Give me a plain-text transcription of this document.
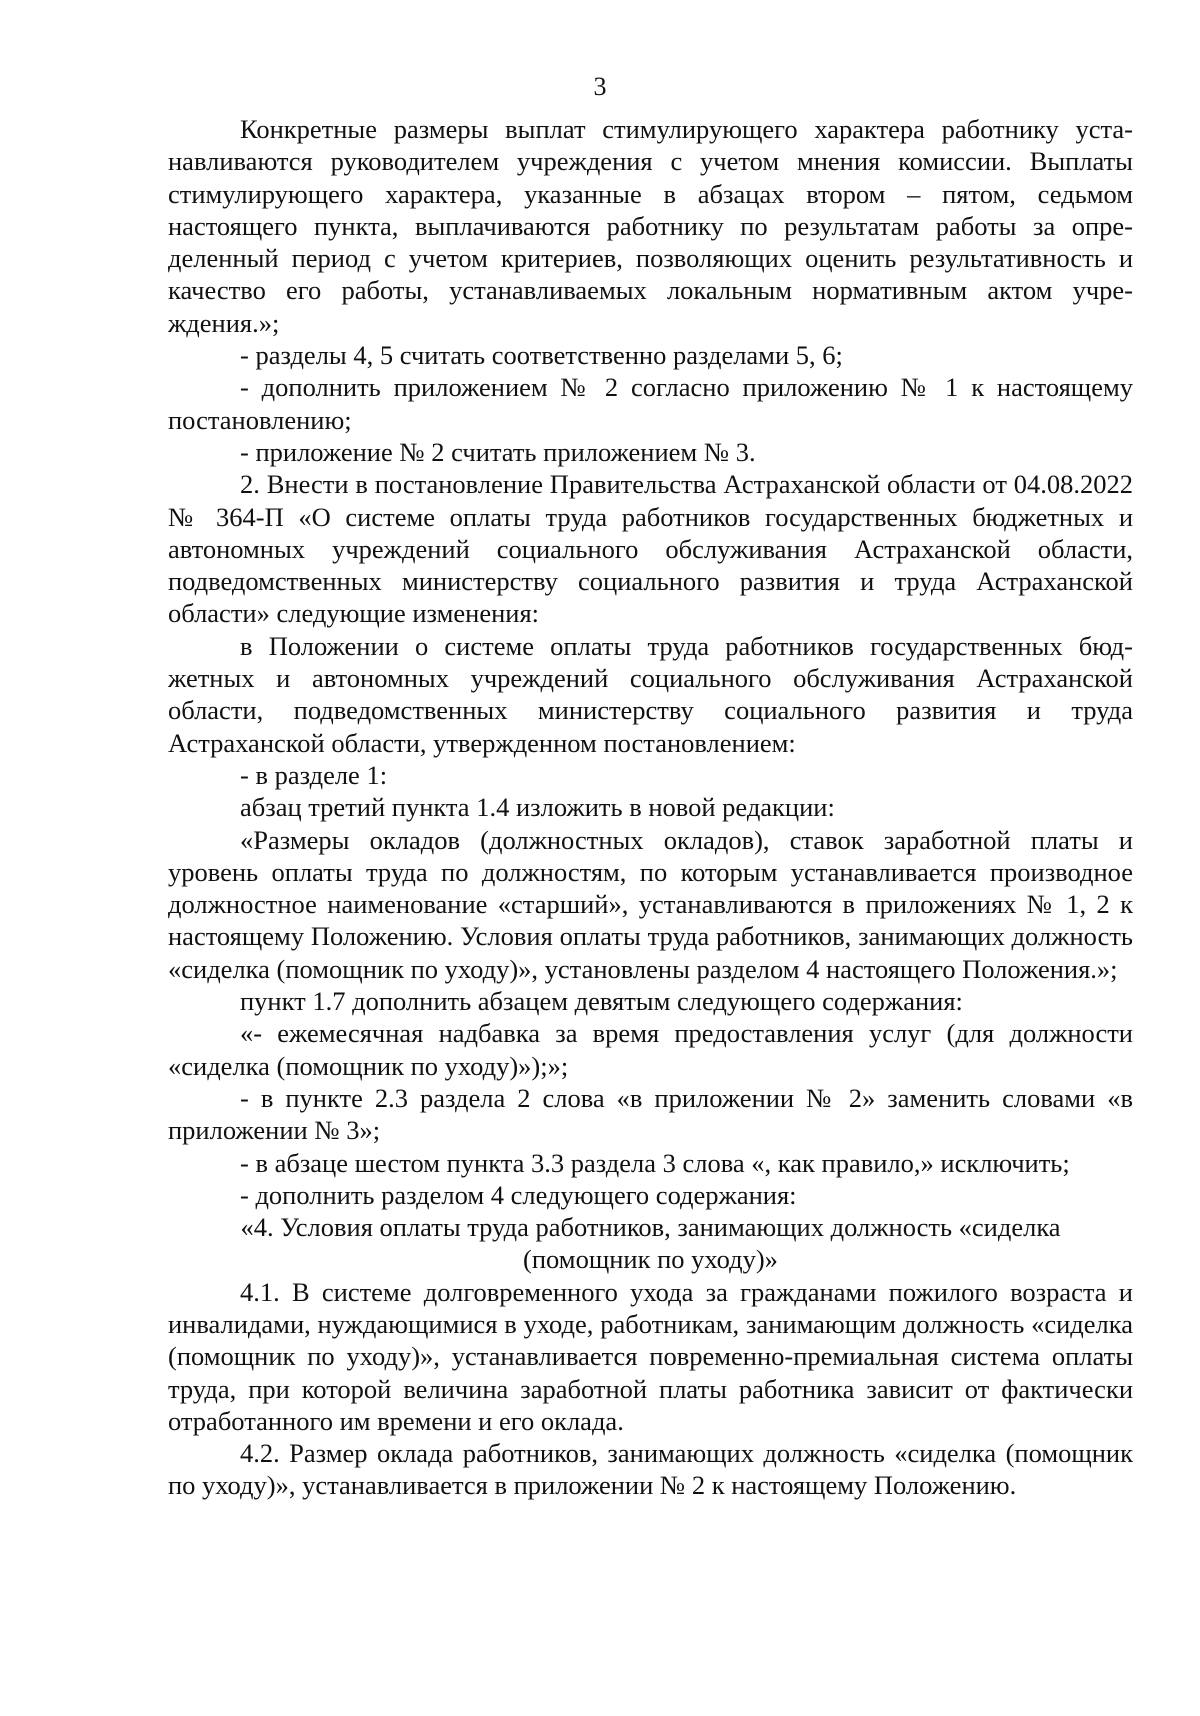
3

Конкретные размеры выплат стимулирующего характера работнику устанавливаются руководителем учреждения с учетом мнения комиссии. Выплаты стимулирующего характера, указанные в абзацах втором – пятом, седьмом настоящего пункта, выплачиваются работнику по результатам работы за определенный период с учетом критериев, позволяющих оценить результативность и качество его работы, устанавливаемых локальным нормативным актом учреждения.»;

- разделы 4, 5 считать соответственно разделами 5, 6;

- дополнить приложением № 2 согласно приложению № 1 к настоящему постановлению;

- приложение № 2 считать приложением № 3.

2. Внести в постановление Правительства Астраханской области от 04.08.2022 № 364-П «О системе оплаты труда работников государственных бюджетных и автономных учреждений социального обслуживания Астраханской области, подведомственных министерству социального развития и труда Астраханской области» следующие изменения:

в Положении о системе оплаты труда работников государственных бюджетных и автономных учреждений социального обслуживания Астраханской области, подведомственных министерству социального развития и труда Астраханской области, утвержденном постановлением:

- в разделе 1:

абзац третий пункта 1.4 изложить в новой редакции:

«Размеры окладов (должностных окладов), ставок заработной платы и уровень оплаты труда по должностям, по которым устанавливается производное должностное наименование «старший», устанавливаются в приложениях № 1, 2 к настоящему Положению. Условия оплаты труда работников, занимающих должность «сиделка (помощник по уходу)», установлены разделом 4 настоящего Положения.»;

пункт 1.7 дополнить абзацем девятым следующего содержания:

«- ежемесячная надбавка за время предоставления услуг (для должности «сиделка (помощник по уходу)»);»;

- в пункте 2.3 раздела 2 слова «в приложении № 2» заменить словами «в приложении № 3»;

- в абзаце шестом пункта 3.3 раздела 3 слова «, как правило,» исключить;

- дополнить разделом 4 следующего содержания:

«4. Условия оплаты труда работников, занимающих должность «сиделка (помощник по уходу)»

4.1. В системе долговременного ухода за гражданами пожилого возраста и инвалидами, нуждающимися в уходе, работникам, занимающим должность «сиделка (помощник по уходу)», устанавливается повременно-премиальная система оплаты труда, при которой величина заработной платы работника зависит от фактически отработанного им времени и его оклада.

4.2. Размер оклада работников, занимающих должность «сиделка (помощник по уходу)», устанавливается в приложении № 2 к настоящему Положению.
